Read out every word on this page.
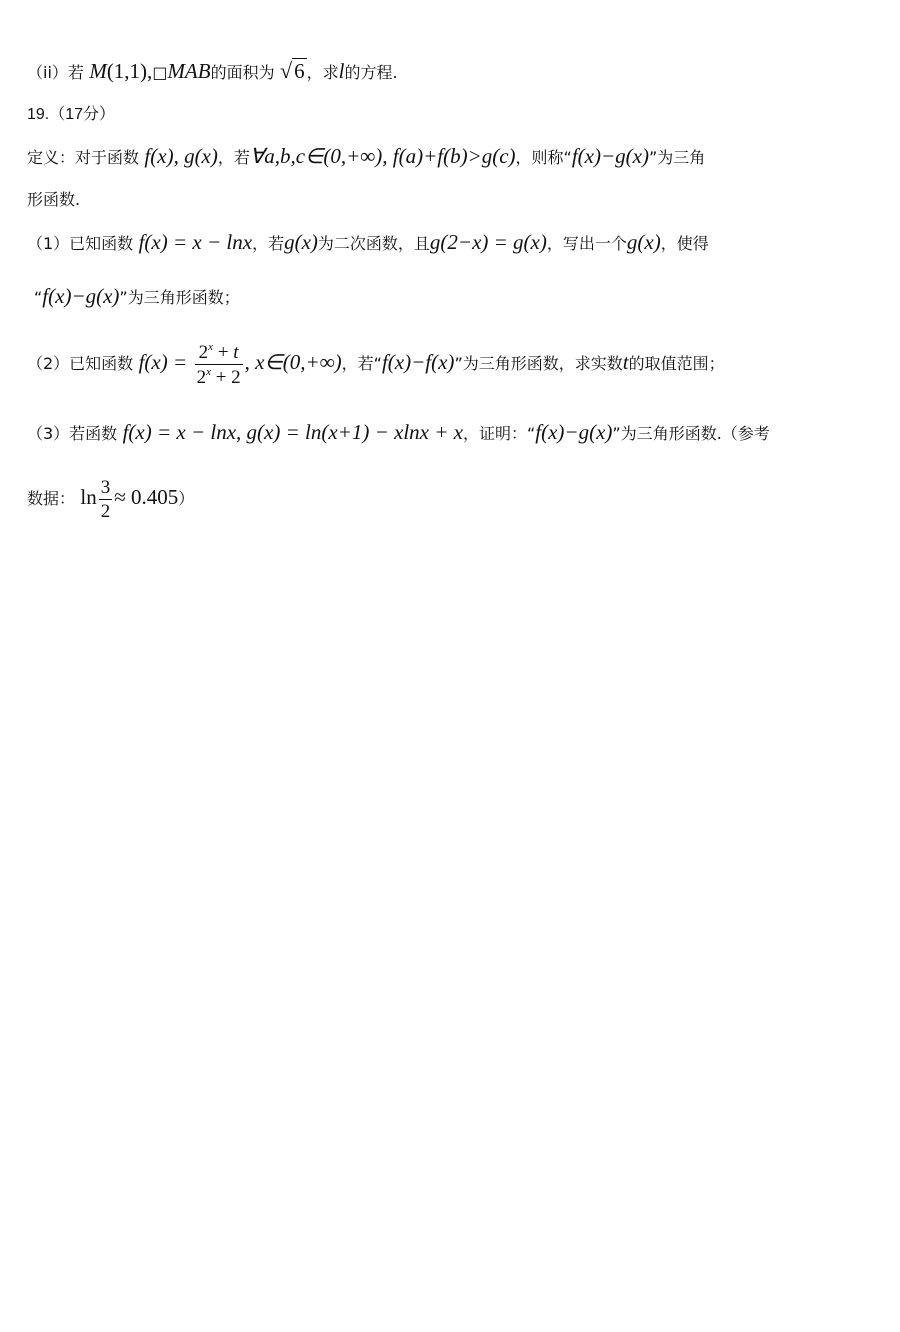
（ii）若 M(1,1),□MAB的面积为 √6 ，求l的方程.
19.（17分）
定义：对于函数 f(x), g(x)，若∀a,b,c∈(0,+∞), f(a)+f(b)>g(c)，则称“f(x)−g(x)”为三角
形函数.
（1）已知函数 f(x) = x − lnx，若g(x)为二次函数，且g(2−x) = g(x)，写出一个g(x)，使得
“f(x)−g(x)”为三角形函数；
（2）已知函数 $f(x) = \frac{2^x + t}{2^x + 2}$ , x∈(0,+∞)，若“f(x)−f(x)”为三角形函数，求实数t的取值范围；
（3）若函数 f(x) = x − lnx, g(x) = ln(x+1) − xlnx + x，证明：“f(x)−g(x)”为三角形函数.（参考
数据： $\ln \frac{3}{2} \approx 0.405$）
